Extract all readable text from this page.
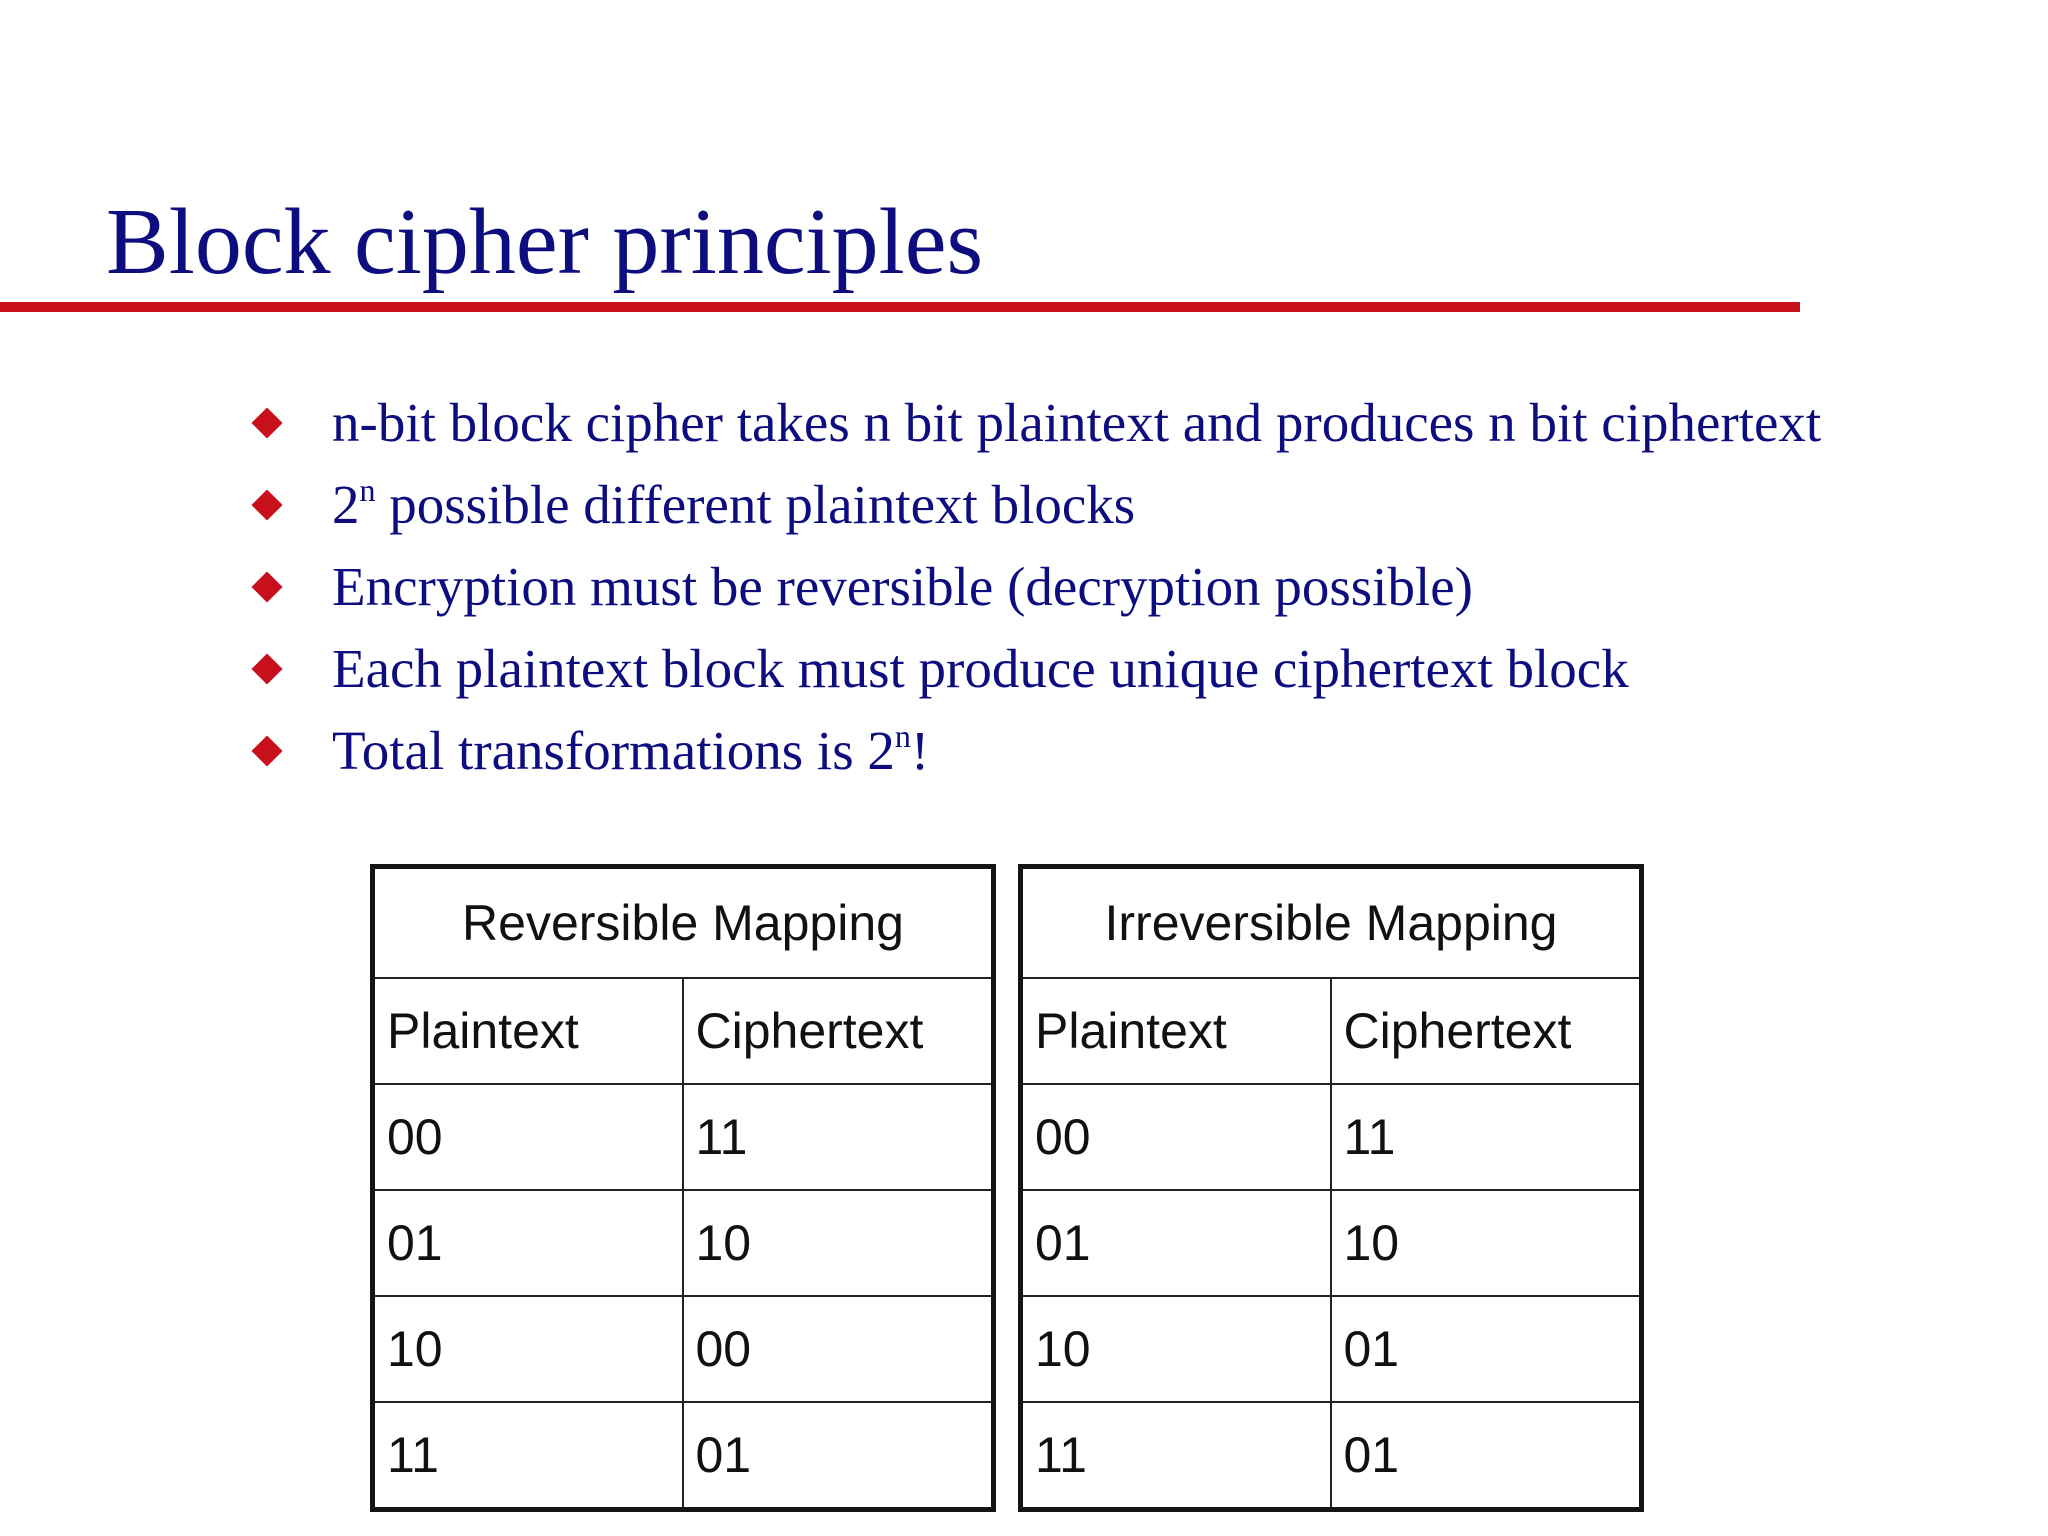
Block cipher principles
n-bit block cipher takes n bit plaintext and produces n bit ciphertext
2$^n$ possible different plaintext blocks
Encryption must be reversible (decryption possible)
Each plaintext block must produce unique ciphertext block
Total transformations is 2$^n$!
Reversible Mapping	
Plaintext	Ciphertext
00	11
01	10
10	00
11	01
Irreversible Mapping	
Plaintext	Ciphertext
00	11
01	10
10	01
11	01
